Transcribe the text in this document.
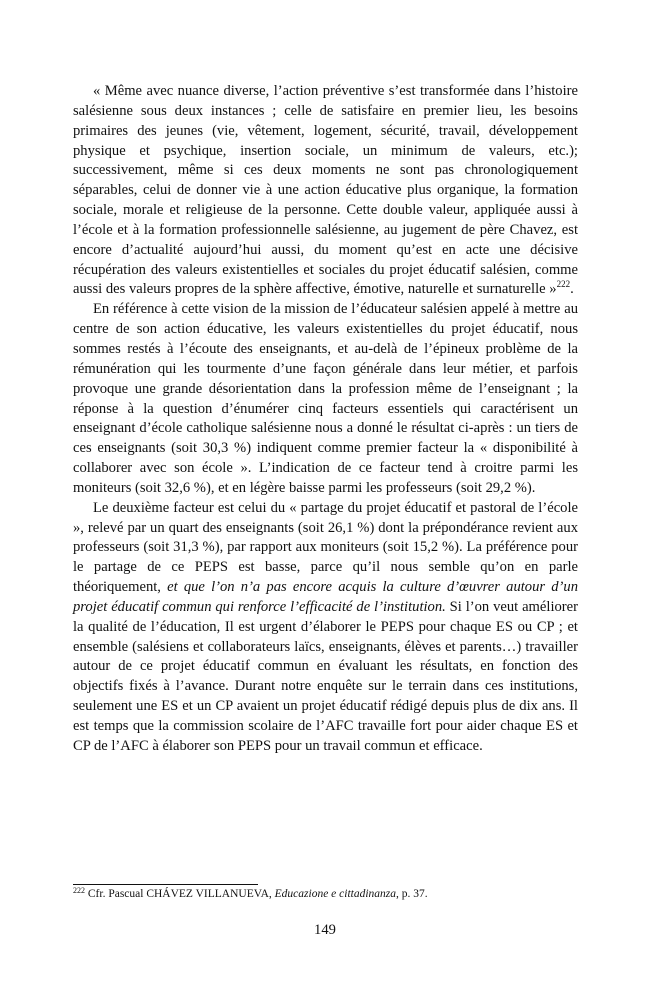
« Même avec nuance diverse, l’action préventive s’est transformée dans l’histoire salésienne sous deux instances ; celle de satisfaire en premier lieu, les besoins primaires des jeunes (vie, vêtement, logement, sécurité, travail, développement physique et psychique, insertion sociale, un minimum de valeurs, etc.); successivement, même si ces deux moments ne sont pas chronologiquement séparables, celui de donner vie à une action éducative plus organique, la formation sociale, morale et religieuse de la personne. Cette double valeur, appliquée aussi à l’école et à la formation professionnelle salésienne, au jugement de père Chavez, est encore d’actualité aujourd’hui aussi, du moment qu’est en acte une décisive récupération des valeurs existentielles et sociales du projet éducatif salésien, comme aussi des valeurs propres de la sphère affective, émotive, naturelle et surnaturelle »$^{222}$.

En référence à cette vision de la mission de l’éducateur salésien appelé à mettre au centre de son action éducative, les valeurs existentielles du projet éducatif, nous sommes restés à l’écoute des enseignants, et au-delà de l’épineux problème de la rémunération qui les tourmente d’une façon générale dans leur métier, et parfois provoque une grande désorientation dans la profession même de l’enseignant ; la réponse à la question d’énumérer cinq facteurs essentiels qui caractérisent un enseignant d’école catholique salésienne nous a donné le résultat ci-après : un tiers de ces enseignants (soit 30,3 %) indiquent comme premier facteur la « disponibilité à collaborer avec son école ». L’indication de ce facteur tend à croitre parmi les moniteurs (soit 32,6 %), et en légère baisse parmi les professeurs (soit 29,2 %).

Le deuxième facteur est celui du « partage du projet éducatif et pastoral de l’école », relevé par un quart des enseignants (soit 26,1 %) dont la prépondérance revient aux professeurs (soit 31,3 %), par rapport aux moniteurs (soit 15,2 %). La préférence pour le partage de ce PEPS est basse, parce qu’il nous semble qu’on en parle théoriquement, et que l’on n’a pas encore acquis la culture d’œuvrer autour d’un projet éducatif commun qui renforce l’efficacité de l’institution. Si l’on veut améliorer la qualité de l’éducation, Il est urgent d’élaborer le PEPS pour chaque ES ou CP ; et ensemble (salésiens et collaborateurs laïcs, enseignants, élèves et parents…) travailler autour de ce projet éducatif commun en évaluant les résultats, en fonction des objectifs fixés à l’avance. Durant notre enquête sur le terrain dans ces institutions, seulement une ES et un CP avaient un projet éducatif rédigé depuis plus de dix ans. Il est temps que la commission scolaire de l’AFC travaille fort pour aider chaque ES et CP de l’AFC à élaborer son PEPS pour un travail commun et efficace.

$^{222}$ Cfr. Pascual CHÁVEZ VILLANUEVA, Educazione e cittadinanza, p. 37.
149
